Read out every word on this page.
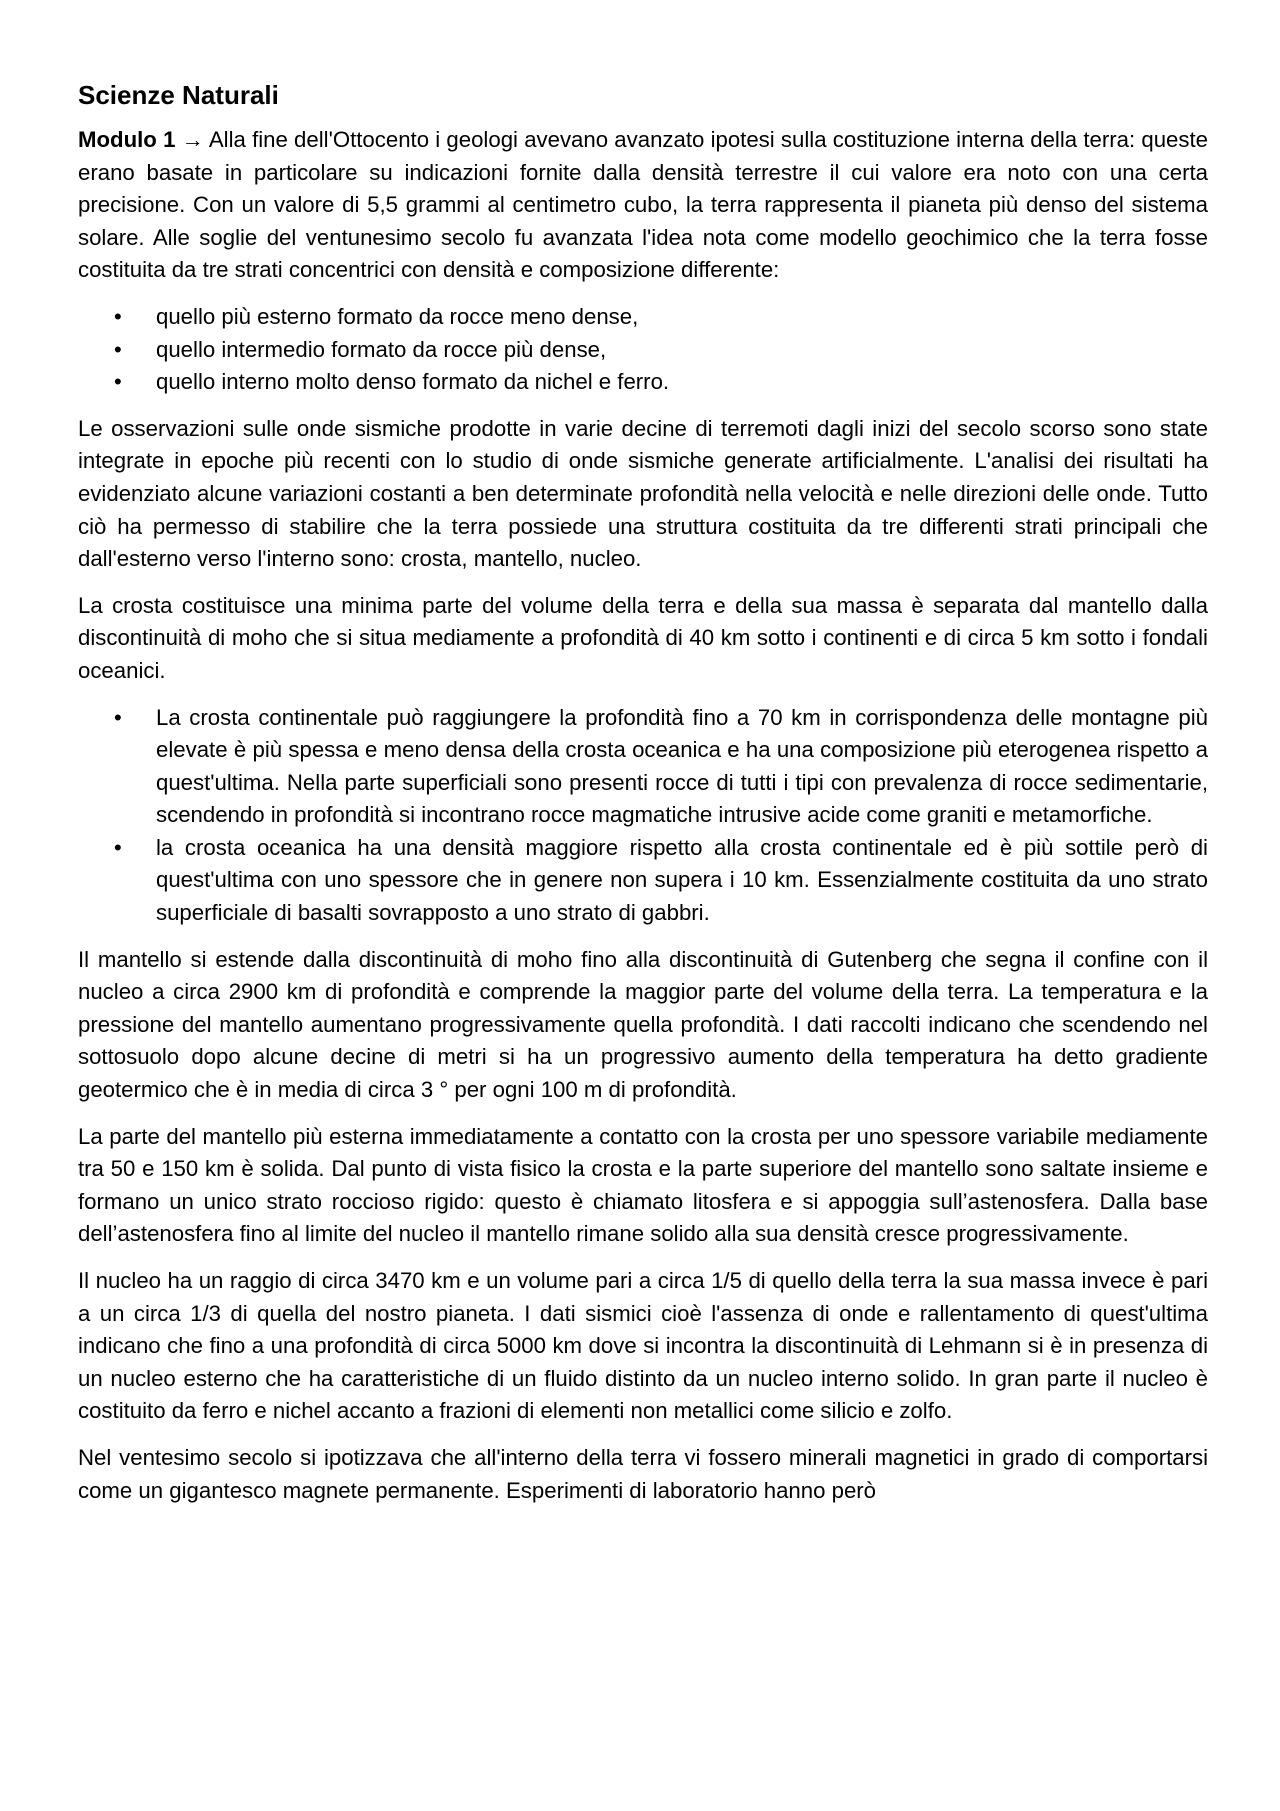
Scienze Naturali

Modulo 1 → Alla fine dell'Ottocento i geologi avevano avanzato ipotesi sulla costituzione interna della terra: queste erano basate in particolare su indicazioni fornite dalla densità terrestre il cui valore era noto con una certa precisione. Con un valore di 5,5 grammi al centimetro cubo, la terra rappresenta il pianeta più denso del sistema solare. Alle soglie del ventunesimo secolo fu avanzata l'idea nota come modello geochimico che la terra fosse costituita da tre strati concentrici con densità e composizione differente:

• quello più esterno formato da rocce meno dense,
• quello intermedio formato da rocce più dense,
• quello interno molto denso formato da nichel e ferro.

Le osservazioni sulle onde sismiche prodotte in varie decine di terremoti dagli inizi del secolo scorso sono state integrate in epoche più recenti con lo studio di onde sismiche generate artificialmente. L'analisi dei risultati ha evidenziato alcune variazioni costanti a ben determinate profondità nella velocità e nelle direzioni delle onde. Tutto ciò ha permesso di stabilire che la terra possiede una struttura costituita da tre differenti strati principali che dall'esterno verso l'interno sono: crosta, mantello, nucleo.

La crosta costituisce una minima parte del volume della terra e della sua massa è separata dal mantello dalla discontinuità di moho che si situa mediamente a profondità di 40 km sotto i continenti e di circa 5 km sotto i fondali oceanici.

• La crosta continentale può raggiungere la profondità fino a 70 km in corrispondenza delle montagne più elevate è più spessa e meno densa della crosta oceanica e ha una composizione più eterogenea rispetto a quest'ultima. Nella parte superficiali sono presenti rocce di tutti i tipi con prevalenza di rocce sedimentarie, scendendo in profondità si incontrano rocce magmatiche intrusive acide come graniti e metamorfiche.
• la crosta oceanica ha una densità maggiore rispetto alla crosta continentale ed è più sottile però di quest'ultima con uno spessore che in genere non supera i 10 km. Essenzialmente costituita da uno strato superficiale di basalti sovrapposto a uno strato di gabbri.

Il mantello si estende dalla discontinuità di moho fino alla discontinuità di Gutenberg che segna il confine con il nucleo a circa 2900 km di profondità e comprende la maggior parte del volume della terra. La temperatura e la pressione del mantello aumentano progressivamente quella profondità. I dati raccolti indicano che scendendo nel sottosuolo dopo alcune decine di metri si ha un progressivo aumento della temperatura ha detto gradiente geotermico che è in media di circa 3 ° per ogni 100 m di profondità.

La parte del mantello più esterna immediatamente a contatto con la crosta per uno spessore variabile mediamente tra 50 e 150 km è solida. Dal punto di vista fisico la crosta e la parte superiore del mantello sono saltate insieme e formano un unico strato roccioso rigido: questo è chiamato litosfera e si appoggia sull’astenosfera. Dalla base dell’astenosfera fino al limite del nucleo il mantello rimane solido alla sua densità cresce progressivamente.

Il nucleo ha un raggio di circa 3470 km e un volume pari a circa 1/5 di quello della terra la sua massa invece è pari a un circa 1/3 di quella del nostro pianeta. I dati sismici cioè l'assenza di onde e rallentamento di quest'ultima indicano che fino a una profondità di circa 5000 km dove si incontra la discontinuità di Lehmann si è in presenza di un nucleo esterno che ha caratteristiche di un fluido distinto da un nucleo interno solido. In gran parte il nucleo è costituito da ferro e nichel accanto a frazioni di elementi non metallici come silicio e zolfo.

Nel ventesimo secolo si ipotizzava che all'interno della terra vi fossero minerali magnetici in grado di comportarsi come un gigantesco magnete permanente. Esperimenti di laboratorio hanno però
